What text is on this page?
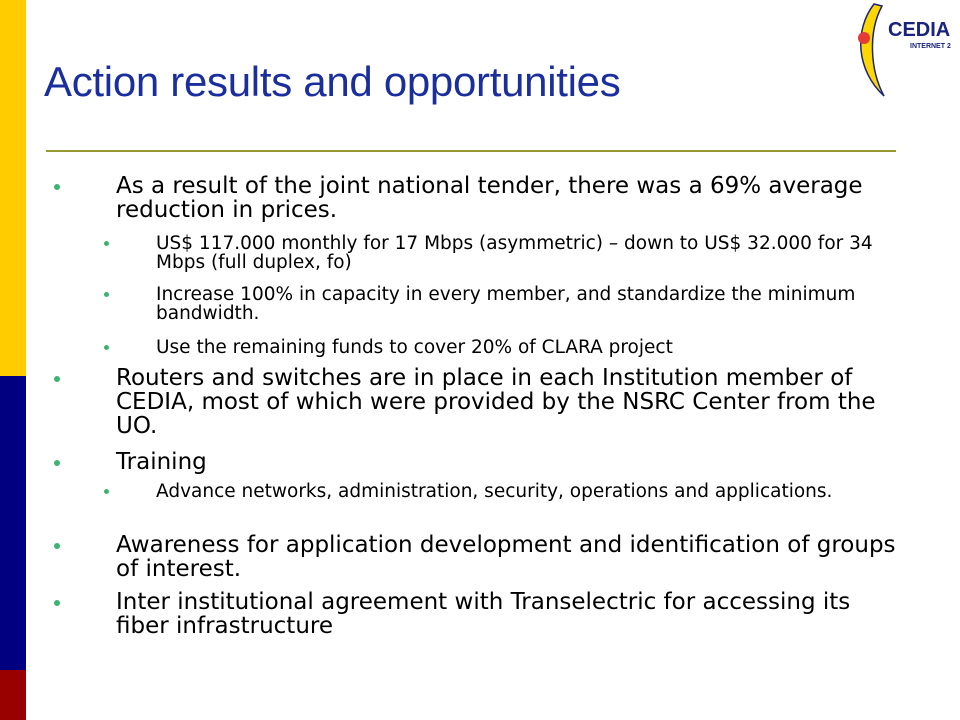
CEDIA
INTERNET 2
Action results and opportunities
As a result of the joint national tender, there was a 69% average reduction in prices.
US$ 117.000 monthly for 17 Mbps (asymmetric) – down to US$ 32.000 for 34 Mbps (full duplex, fo)
Increase 100% in capacity in every member, and standardize the minimum bandwidth.
Use the remaining funds to cover 20% of CLARA project
Routers and switches are in place in each Institution member of CEDIA, most of which were provided by the NSRC Center from the UO.
Training
Advance networks, administration, security, operations and applications.
Awareness for application development and identification of groups of interest.
Inter institutional agreement with Transelectric for accessing its fiber infrastructure
